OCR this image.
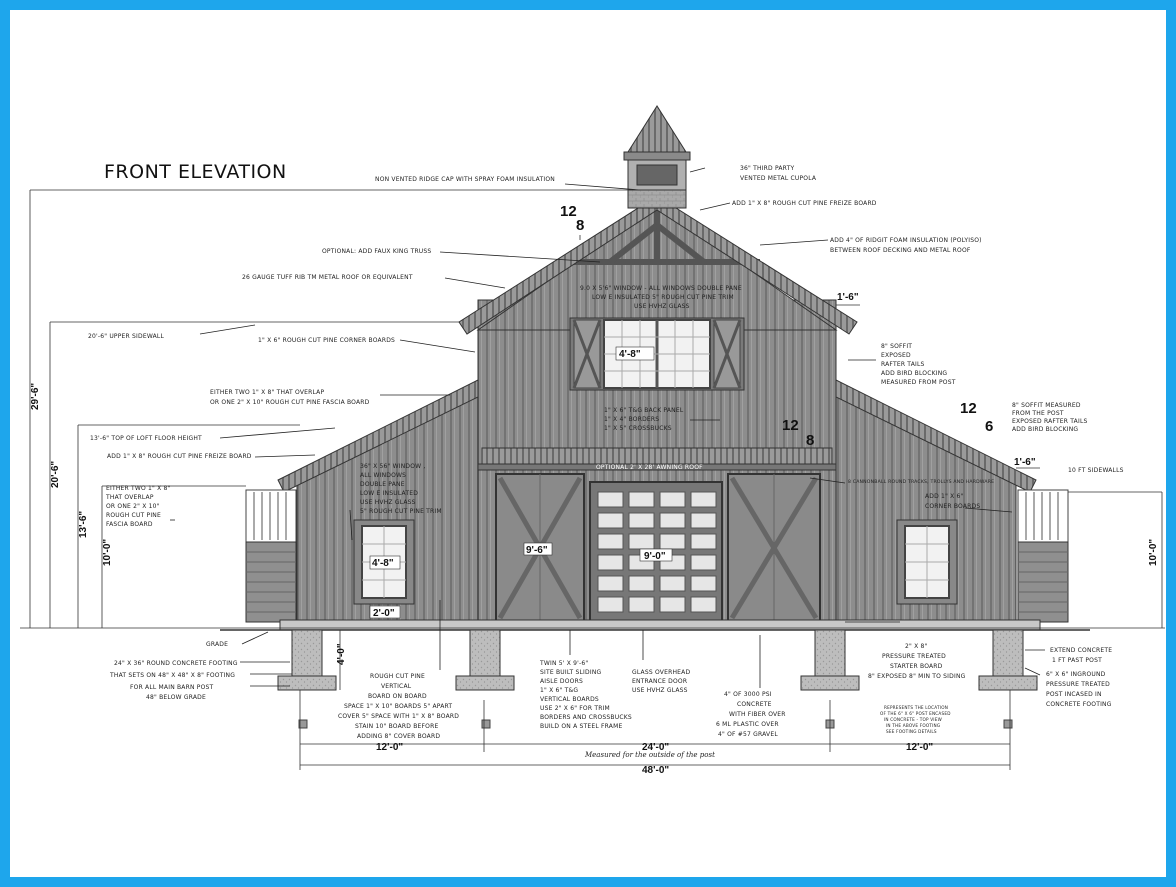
FRONT ELEVATION
12
8
12
6
12
8
29'-6"
20'-6"
13'-6"
10'-0"	10'-0"
4'-0"
1'-6"
1'-6"
4'-8"
4'-8"
2'-0"
9'-6"
9'-0"
12'-0"	24'-0"	12'-0"
Measured for the outside of the post
48'-0"
NON VENTED RIDGE CAP WITH SPRAY FOAM INSULATION
36" THIRD PARTY
VENTED METAL CUPOLA
ADD 1" X 8" ROUGH CUT PINE FREIZE BOARD
ADD 4" OF RIDGIT FOAM INSULATION (POLYISO)
BETWEEN ROOF DECKING AND METAL ROOF
OPTIONAL: ADD FAUX KING TRUSS
26 GAUGE TUFF RIB TM METAL ROOF OR EQUIVALENT
9.0 X 5'6" WINDOW - ALL WINDOWS DOUBLE PANE
LOW E INSULATED 5" ROUGH CUT PINE TRIM
USE HVHZ GLASS
20'-6" UPPER SIDEWALL
1" X 6" ROUGH CUT PINE CORNER BOARDS
8" SOFFIT
EXPOSED
RAFTER TAILS
ADD BIRD BLOCKING
MEASURED FROM POST
EITHER TWO 1" X 8" THAT OVERLAP
OR ONE 2" X 10" ROUGH CUT PINE FASCIA BOARD
1" X 6" T&G BACK PANEL
1" X 4" BORDERS
1" X 5" CROSSBUCKS
8" SOFFIT MEASURED
FROM THE POST
EXPOSED RAFTER TAILS
ADD BIRD BLOCKING
13'-6" TOP OF LOFT FLOOR HEIGHT
ADD 1" X 8" ROUGH CUT PINE FREIZE BOARD
OPTIONAL 2' X 28' AWNING ROOF	10 FT SIDEWALLS
EITHER TWO 1" X 8"
THAT OVERLAP
OR ONE 2" X 10"
ROUGH CUT PINE
FASCIA BOARD
36" X 56" WINDOW ,
ALL WINDOWS
DOUBLE PANE
LOW E INSULATED
USE HVHZ GLASS
5" ROUGH CUT PINE TRIM
8 CANNONBALL ROUND TRACKS, TROLLYS AND HARDWARE
ADD 1" X 6"
CORNER BOARDS
GRADE
24" X 36" ROUND CONCRETE FOOTING
THAT SETS ON 48" X 48" X 8" FOOTING
FOR ALL MAIN BARN POST
48" BELOW GRADE
ROUGH CUT PINE
VERTICAL
BOARD ON BOARD
SPACE 1" X 10" BOARDS 5" APART
COVER 5" SPACE WITH 1" X 8" BOARD
STAIN 10" BOARD BEFORE
ADDING 8" COVER BOARD
TWIN 5' X 9'-6"
SITE BUILT SLIDING
AISLE DOORS
1" X 6" T&G
VERTICAL BOARDS
USE 2" X 6" FOR TRIM
BORDERS AND CROSSBUCKS
BUILD ON A STEEL FRAME
GLASS OVERHEAD
ENTRANCE DOOR
USE HVHZ GLASS
4" OF 3000 PSI
CONCRETE
WITH FIBER OVER
6 ML PLASTIC OVER
4" OF #57 GRAVEL
2" X 8"
PRESSURE TREATED
STARTER BOARD
8" EXPOSED 8" MIN TO SIDING
EXTEND CONCRETE
1 FT PAST POST
6" X 6" INGROUND
PRESSURE TREATED
POST INCASED IN
CONCRETE FOOTING
REPRESENTS THE LOCATION
OF THE 6" X 6" POST ENCASED
IN CONCRETE - TOP VIEW
IN THE ABOVE FOOTING
SEE FOOTING DETAILS
